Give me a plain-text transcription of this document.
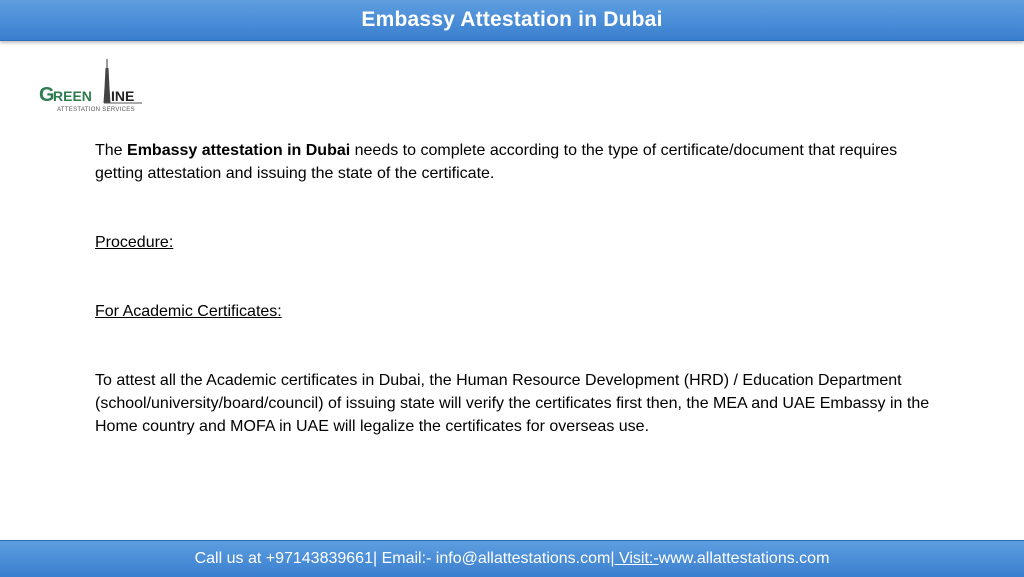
Embassy Attestation in Dubai
G
REEN INE
ATTESTATION SERVICES

The Embassy attestation in Dubai needs to complete according to the type of certificate/document that requires getting attestation and issuing the state of the certificate.

Procedure:

For Academic Certificates:

To attest all the Academic certificates in Dubai, the Human Resource Development (HRD) / Education Department (school/university/board/council) of issuing state will verify the certificates first then, the MEA and UAE Embassy in the Home country and MOFA in UAE will legalize the certificates for overseas use.

Call us at +97143839661 | Email:- info@allattestations.com | Visit:- www.allattestations.com
